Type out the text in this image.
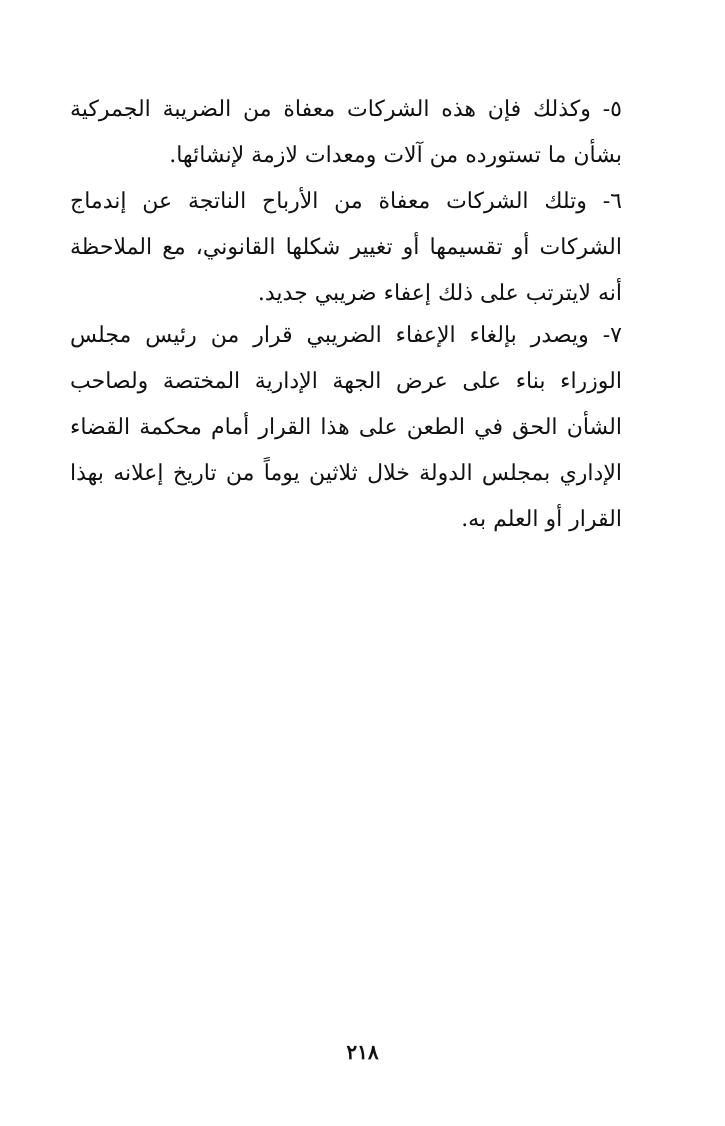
٥- وكذلك فإن هذه الشركات معفاة من الضريبة الجمركية بشأن ما تستورده من آلات ومعدات لازمة لإنشائها.

٦- وتلك الشركات معفاة من الأرباح الناتجة عن إندماج الشركات أو تقسيمها أو تغيير شكلها القانوني، مع الملاحظة أنه لايترتب على ذلك إعفاء ضريبي جديد.

٧- ويصدر بإلغاء الإعفاء الضريبي قرار من رئيس مجلس الوزراء بناء على عرض الجهة الإدارية المختصة ولصاحب الشأن الحق في الطعن على هذا القرار أمام محكمة القضاء الإداري بمجلس الدولة خلال ثلاثين يوماً من تاريخ إعلانه بهذا القرار أو العلم به.

٢١٨
